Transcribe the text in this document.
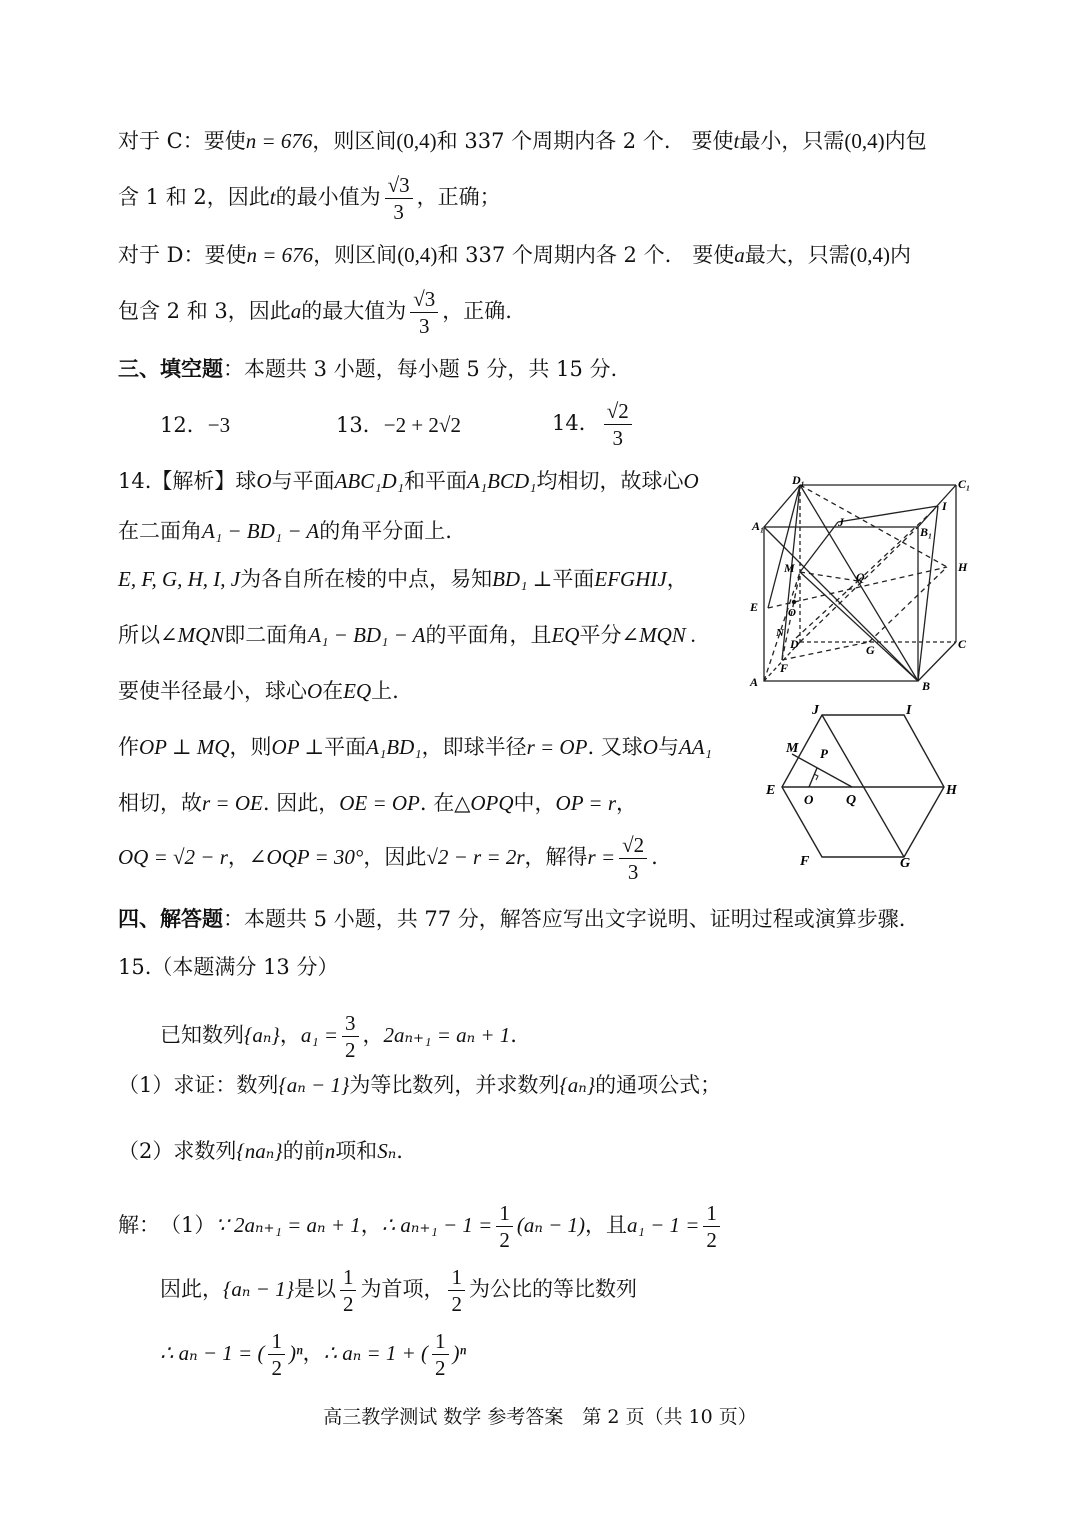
对于 C：要使n = 676，则区间(0,4)和 337 个周期内各 2 个.　要使t最小，只需(0,4)内包
含 1 和 2，因此t的最小值为 $\frac{√3}{3}$ ，正确；
对于 D：要使n = 676，则区间(0,4)和 337 个周期内各 2 个.　要使a最大，只需(0,4)内
包含 2 和 3，因此a的最大值为 $\frac{√3}{3}$ ，正确.
三、填空题：本题共 3 小题，每小题 5 分，共 15 分.
12．−3	13．−2 + 2√2	14． $\frac{√2}{3}$
14.【解析】球O与平面ABC₁D₁和平面A₁BCD₁均相切，故球心O
在二面角A₁ − BD₁ − A的角平分面上.
E, F, G, H, I, J为各自所在棱的中点，易知BD₁ ⊥平面EFGHIJ，
所以∠MQN即二面角A₁ − BD₁ − A的平面角，且EQ平分∠MQN .
要使半径最小，球心O在EQ上.
作OP ⊥ MQ，则OP ⊥平面A₁BD₁，即球半径r = OP. 又球O与AA₁
相切，故r = OE. 因此，OE = OP. 在△OPQ中，OP = r，
OQ = √2 − r，∠OQP = 30°，因此√2 − r = 2r，解得$r = \frac{√2}{3}$ .
D₁	C₁
A₁	B₁
I
J
M
Q
H
E	O
N
D	G	C
F
A	B
J	I
M P
E
O Q
H
F	G
四、解答题：本题共 5 小题，共 77 分，解答应写出文字说明、证明过程或演算步骤.
15.（本题满分 13 分）
已知数列{aₙ}，$a_1 = \frac{3}{2}$ ，2aₙ₊₁ = aₙ + 1.
（1）求证：数列{aₙ − 1}为等比数列，并求数列{aₙ}的通项公式；
（2）求数列{naₙ}的前n项和Sₙ.
解：　（1）∵ 2aₙ₊₁ = aₙ + 1，∴ $a_{n+1} - 1 = \frac{1}{2} (a_n - 1)$，且$a_1 - 1 = \frac{1}{2}$
因此，{aₙ − 1}是以 $\frac{1}{2}$ 为首项， $\frac{1}{2}$ 为公比的等比数列
∴ aₙ − 1 = ( $\frac{1}{2} )^n$，∴ aₙ = 1 + ( $\frac{1}{2} )^n$
高三教学测试 数学 参考答案　第 2 页（共 10 页）
